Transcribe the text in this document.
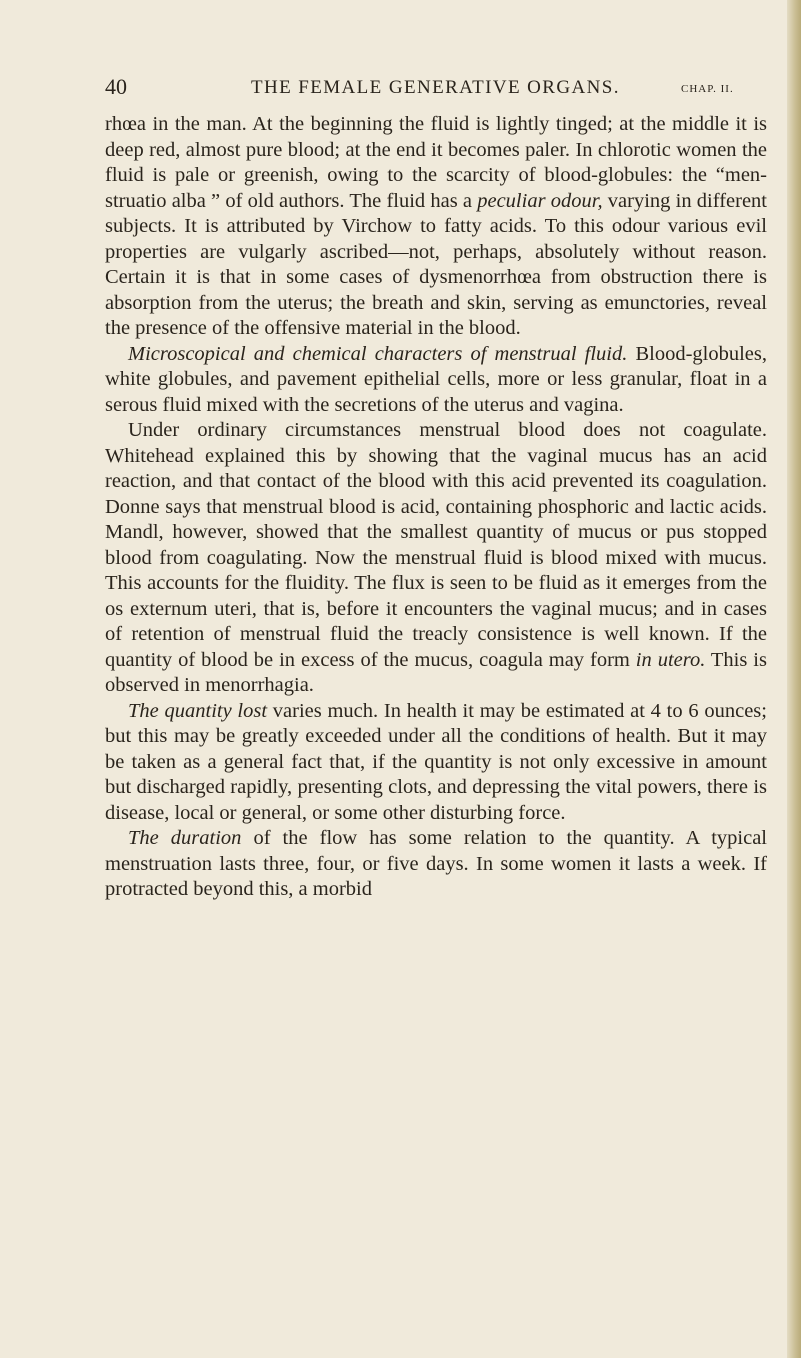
40	THE FEMALE GENERATIVE ORGANS.	CHAP. II.

rhœa in the man. At the beginning the fluid is lightly tinged; at the middle it is deep red, almost pure blood; at the end it becomes paler. In chlorotic women the fluid is pale or greenish, owing to the scarcity of blood-globules: the “menstruatio alba ” of old authors. The fluid has a peculiar odour, varying in different subjects. It is attributed by Virchow to fatty acids. To this odour various evil properties are vulgarly ascribed—not, perhaps, absolutely without reason. Certain it is that in some cases of dysmenorrhœa from obstruction there is absorption from the uterus; the breath and skin, serving as emunctories, reveal the presence of the offensive material in the blood.

Microscopical and chemical characters of menstrual fluid. Blood-globules, white globules, and pavement epithelial cells, more or less granular, float in a serous fluid mixed with the secretions of the uterus and vagina.

Under ordinary circumstances menstrual blood does not coagulate. Whitehead explained this by showing that the vaginal mucus has an acid reaction, and that contact of the blood with this acid prevented its coagulation. Donne says that menstrual blood is acid, containing phosphoric and lactic acids. Mandl, however, showed that the smallest quantity of mucus or pus stopped blood from coagulating. Now the menstrual fluid is blood mixed with mucus. This accounts for the fluidity. The flux is seen to be fluid as it emerges from the os externum uteri, that is, before it encounters the vaginal mucus; and in cases of retention of menstrual fluid the treacly consistence is well known. If the quantity of blood be in excess of the mucus, coagula may form in utero. This is observed in menorrhagia.

The quantity lost varies much. In health it may be estimated at 4 to 6 ounces; but this may be greatly exceeded under all the conditions of health. But it may be taken as a general fact that, if the quantity is not only excessive in amount but discharged rapidly, presenting clots, and depressing the vital powers, there is disease, local or general, or some other disturbing force.

The duration of the flow has some relation to the quantity. A typical menstruation lasts three, four, or five days. In some women it lasts a week. If protracted beyond this, a morbid
